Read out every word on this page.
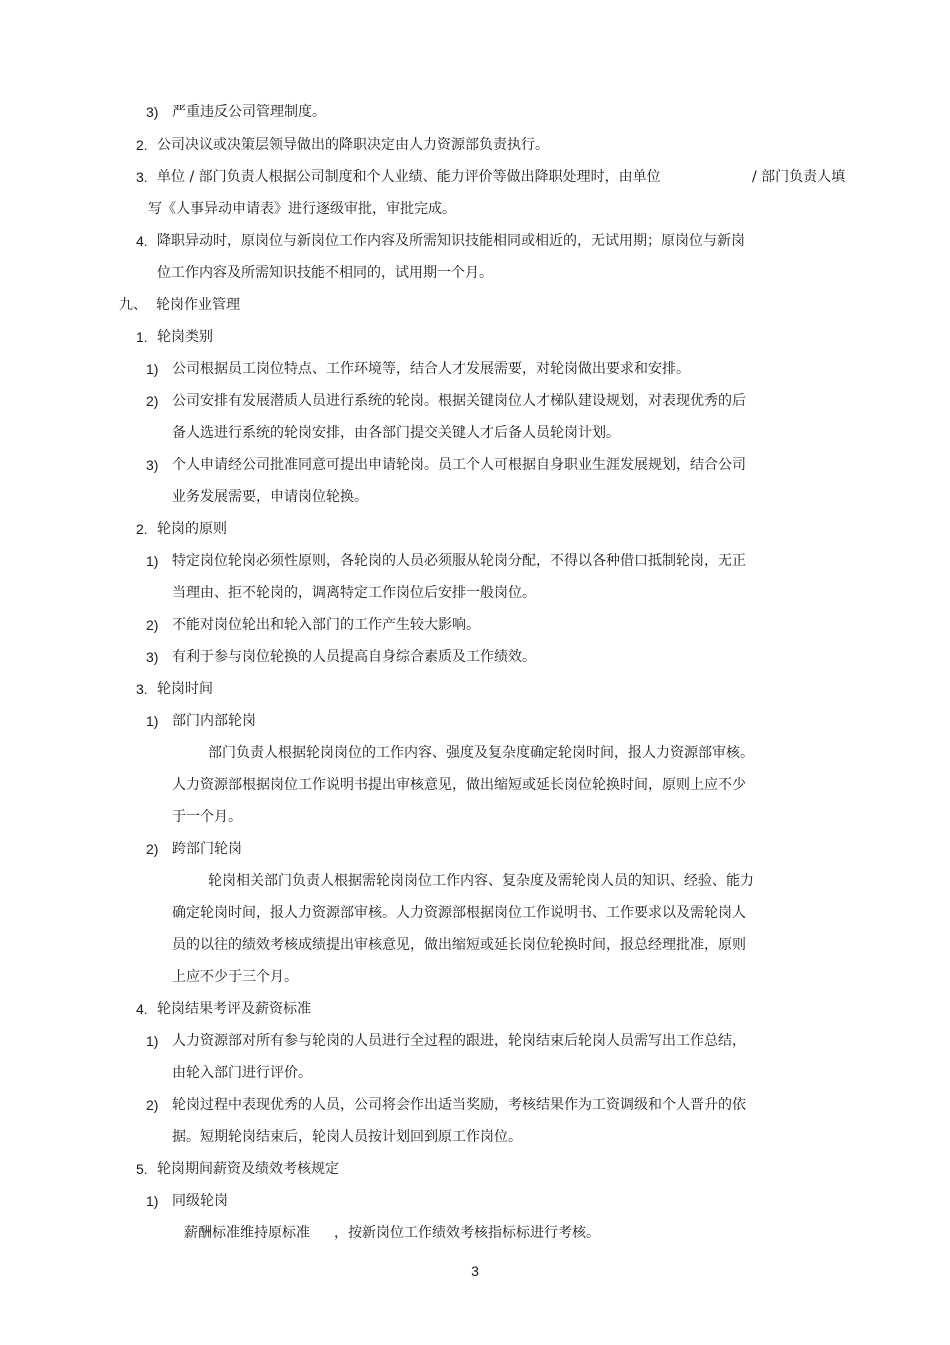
3)
2.
3.
4.
九、
1.
1)
2)
3)
2.
1)
2)
3)
3.
1)
2)
4.
1)
2)
5.
1)
严重违反公司管理制度。
公司决议或决策层领导做出的降职决定由人力资源部负责执行。
单位 / 部门负责人根据公司制度和个人业绩、能力评价等做出降职处理时，由单位	/ 部门负责人填
写《人事异动申请表》进行逐级审批，审批完成。
降职异动时，原岗位与新岗位工作内容及所需知识技能相同或相近的，无试用期；原岗位与新岗
位工作内容及所需知识技能不相同的，试用期一个月。
轮岗作业管理
轮岗类别
公司根据员工岗位特点、工作环境等，结合人才发展需要，对轮岗做出要求和安排。
公司安排有发展潜质人员进行系统的轮岗。根据关键岗位人才梯队建设规划，对表现优秀的后
备人选进行系统的轮岗安排，由各部门提交关键人才后备人员轮岗计划。
个人申请经公司批准同意可提出申请轮岗。员工个人可根据自身职业生涯发展规划，结合公司
业务发展需要，申请岗位轮换。
轮岗的原则
特定岗位轮岗必须性原则，各轮岗的人员必须服从轮岗分配，不得以各种借口抵制轮岗，无正
当理由、拒不轮岗的，调离特定工作岗位后安排一般岗位。
不能对岗位轮出和轮入部门的工作产生较大影响。
有利于参与岗位轮换的人员提高自身综合素质及工作绩效。
轮岗时间
部门内部轮岗
部门负责人根据轮岗岗位的工作内容、强度及复杂度确定轮岗时间，报人力资源部审核。
人力资源部根据岗位工作说明书提出审核意见，做出缩短或延长岗位轮换时间，原则上应不少
于一个月。
跨部门轮岗
轮岗相关部门负责人根据需轮岗岗位工作内容、复杂度及需轮岗人员的知识、经验、能力
确定轮岗时间，报人力资源部审核。人力资源部根据岗位工作说明书、工作要求以及需轮岗人
员的以往的绩效考核成绩提出审核意见，做出缩短或延长岗位轮换时间，报总经理批准，原则
上应不少于三个月。
轮岗结果考评及薪资标准
人力资源部对所有参与轮岗的人员进行全过程的跟进，轮岗结束后轮岗人员需写出工作总结，
由轮入部门进行评价。
轮岗过程中表现优秀的人员，公司将会作出适当奖励，考核结果作为工资调级和个人晋升的依
据。短期轮岗结束后，轮岗人员按计划回到原工作岗位。
轮岗期间薪资及绩效考核规定
同级轮岗
薪酬标准维持原标准 ，按新岗位工作绩效考核指标标进行考核。
3
